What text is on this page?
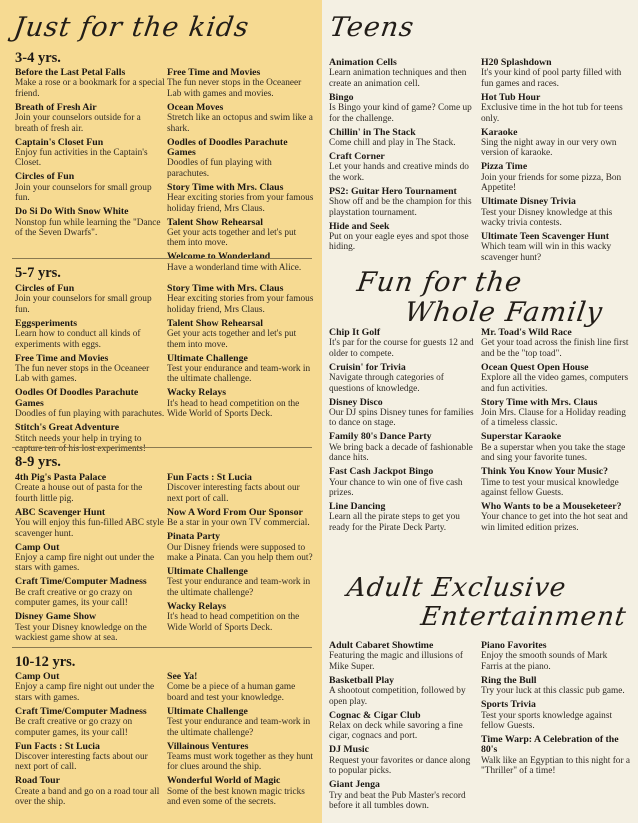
Just for the kids	Teens
Fun for the
Whole Family
Adult Exclusive
Entertainment
3-4 yrs.
Before the Last Petal Falls
Make a rose or a bookmark for a special friend.
Breath of Fresh Air
Join your counselors outside for a breath of fresh air.
Captain's Closet Fun
Enjoy fun activities in the Captain's Closet.
Circles of Fun
Join your counselors for small group fun.
Do Si Do With Snow White
Nonstop fun while learning the "Dance of the Seven Dwarfs".
Free Time and Movies
The fun never stops in the Oceaneer Lab with games and movies.
Ocean Moves
Stretch like an octopus and swim like a shark.
Oodles of Doodles Parachute Games
Doodles of fun playing with parachutes.
Story Time with Mrs. Claus
Hear exciting stories from your famous holiday friend, Mrs Claus.
Talent Show Rehearsal
Get your acts together and let's put them into move.
Welcome to Wonderland
Have a wonderland time with Alice.
5-7 yrs.
Circles of Fun
Join your counselors for small group fun.
Eggsperiments
Learn how to conduct all kinds of experiments with eggs.
Free Time and Movies
The fun never stops in the Oceaneer Lab with games.
Oodles Of Doodles Parachute Games
Doodles of fun playing with parachutes.
Stitch's Great Adventure
Stitch needs your help in trying to capture ten of his lost experiments!
Story Time with Mrs. Claus
Hear exciting stories from your famous holiday friend, Mrs Claus.
Talent Show Rehearsal
Get your acts together and let's put them into move.
Ultimate Challenge
Test your endurance and team-work in the ultimate challenge.
Wacky Relays
It's head to head competition on the Wide World of Sports Deck.
8-9 yrs.
4th Pig's Pasta Palace
Create a house out of pasta for the fourth little pig.
ABC Scavenger Hunt
You will enjoy this fun-filled ABC style scavenger hunt.
Camp Out
Enjoy a camp fire night out under the stars with games.
Craft Time/Computer Madness
Be craft creative or go crazy on computer games, its your call!
Disney Game Show
Test your Disney knowledge on the wackiest game show at sea.
Fun Facts : St Lucia
Discover interesting facts about our next port of call.
Now A Word From Our Sponsor
Be a star in your own TV commercial.
Pinata Party
Our Disney friends were supposed to make a Pinata. Can you help them out?
Ultimate Challenge
Test your endurance and team-work in the ultimate challenge?
Wacky Relays
It's head to head competition on the Wide World of Sports Deck.
10-12 yrs.
Camp Out
Enjoy a camp fire night out under the stars with games.
Craft Time/Computer Madness
Be craft creative or go crazy on computer games, its your call!
Fun Facts : St Lucia
Discover interesting facts about our next port of call.
Road Tour
Create a band and go on a road tour all over the ship.
See Ya!
Come be a piece of a human game board and test your knowledge.
Ultimate Challenge
Test your endurance and team-work in the ultimate challenge?
Villainous Ventures
Teams must work together as they hunt for clues around the ship.
Wonderful World of Magic
Some of the best known magic tricks and even some of the secrets.
Animation Cells
Learn animation techniques and then create an animation cell.
Bingo
Is Bingo your kind of game? Come up for the challenge.
Chillin' in The Stack
Come chill and play in The Stack.
Craft Corner
Let your hands and creative minds do the work.
PS2: Guitar Hero Tournament
Show off and be the champion for this playstation tournament.
Hide and Seek
Put on your eagle eyes and spot those hiding.
H20 Splashdown
It's your kind of pool party filled with fun games and races.
Hot Tub Hour
Exclusive time in the hot tub for teens only.
Karaoke
Sing the night away in our very own version of karaoke.
Pizza Time
Join your friends for some pizza, Bon Appetite!
Ultimate Disney Trivia
Test your Disney knowledge at this wacky trivia contests.
Ultimate Teen Scavenger Hunt
Which team will win in this wacky scavenger hunt?
Chip It Golf
It's par for the course for guests 12 and older to compete.
Cruisin' for Trivia
Navigate through categories of questions of knowledge.
Disney Disco
Our DJ spins Disney tunes for families to dance on stage.
Family 80's Dance Party
We bring back a decade of fashionable dance hits.
Fast Cash Jackpot Bingo
Your chance to win one of five cash prizes.
Line Dancing
Learn all the pirate steps to get you ready for the Pirate Deck Party.
Mr. Toad's Wild Race
Get your toad across the finish line first and be the "top toad".
Ocean Quest Open House
Explore all the video games, computers and fun activities.
Story Time with Mrs. Claus
Join Mrs. Clause for a Holiday reading of a timeless classic.
Superstar Karaoke
Be a superstar when you take the stage and sing your favorite tunes.
Think You Know Your Music?
Time to test your musical knowledge against fellow Guests.
Who Wants to be a Mouseketeer?
Your chance to get into the hot seat and win limited edition prizes.
Adult Cabaret Showtime
Featuring the magic and illusions of Mike Super.
Basketball Play
A shootout competition, followed by open play.
Cognac & Cigar Club
Relax on deck while savoring a fine cigar, cognacs and port.
DJ Music
Request your favorites or dance along to popular picks.
Giant Jenga
Try and beat the Pub Master's record before it all tumbles down.
Piano Favorites
Enjoy the smooth sounds of Mark Farris at the piano.
Ring the Bull
Try your luck at this classic pub game.
Sports Trivia
Test your sports knowledge against fellow Guests.
Time Warp: A Celebration of the 80's
Walk like an Egyptian to this night for a "Thriller" of a time!
